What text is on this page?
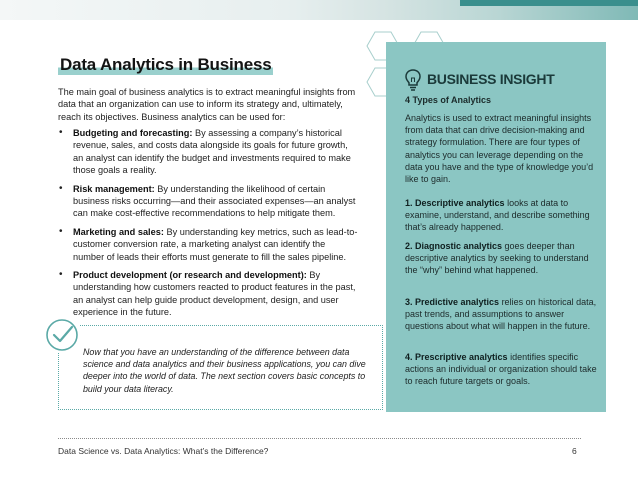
Data Analytics in Business

The main goal of business analytics is to extract meaningful insights from data that an organization can use to inform its strategy and, ultimately, reach its objectives. Business analytics can be used for:

• Budgeting and forecasting: By assessing a company’s historical revenue, sales, and costs data alongside its goals for future growth, an analyst can identify the budget and investments required to make those goals a reality.
• Risk management: By understanding the likelihood of certain business risks occurring—and their associated expenses—an analyst can make cost-effective recommendations to help mitigate them.
• Marketing and sales: By understanding key metrics, such as lead-to-customer conversion rate, a marketing analyst can identify the number of leads their efforts must generate to fill the sales pipeline.
• Product development (or research and development): By understanding how customers reacted to product features in the past, an analyst can help guide product development, design, and user experience in the future.

Now that you have an understanding of the difference between data science and data analytics and their business applications, you can dive deeper into the world of data. The next section covers basic concepts to build your data literacy.

BUSINESS INSIGHT

4 Types of Analytics

Analytics is used to extract meaningful insights from data that can drive decision-making and strategy formulation. There are four types of analytics you can leverage depending on the data you have and the type of knowledge you’d like to gain.

1. Descriptive analytics looks at data to examine, understand, and describe something that’s already happened.

2. Diagnostic analytics goes deeper than descriptive analytics by seeking to understand the “why” behind what happened.

3. Predictive analytics relies on historical data, past trends, and assumptions to answer questions about what will happen in the future.

4. Prescriptive analytics identifies specific actions an individual or organization should take to reach future targets or goals.

Data Science vs. Data Analytics: What’s the Difference?	6
